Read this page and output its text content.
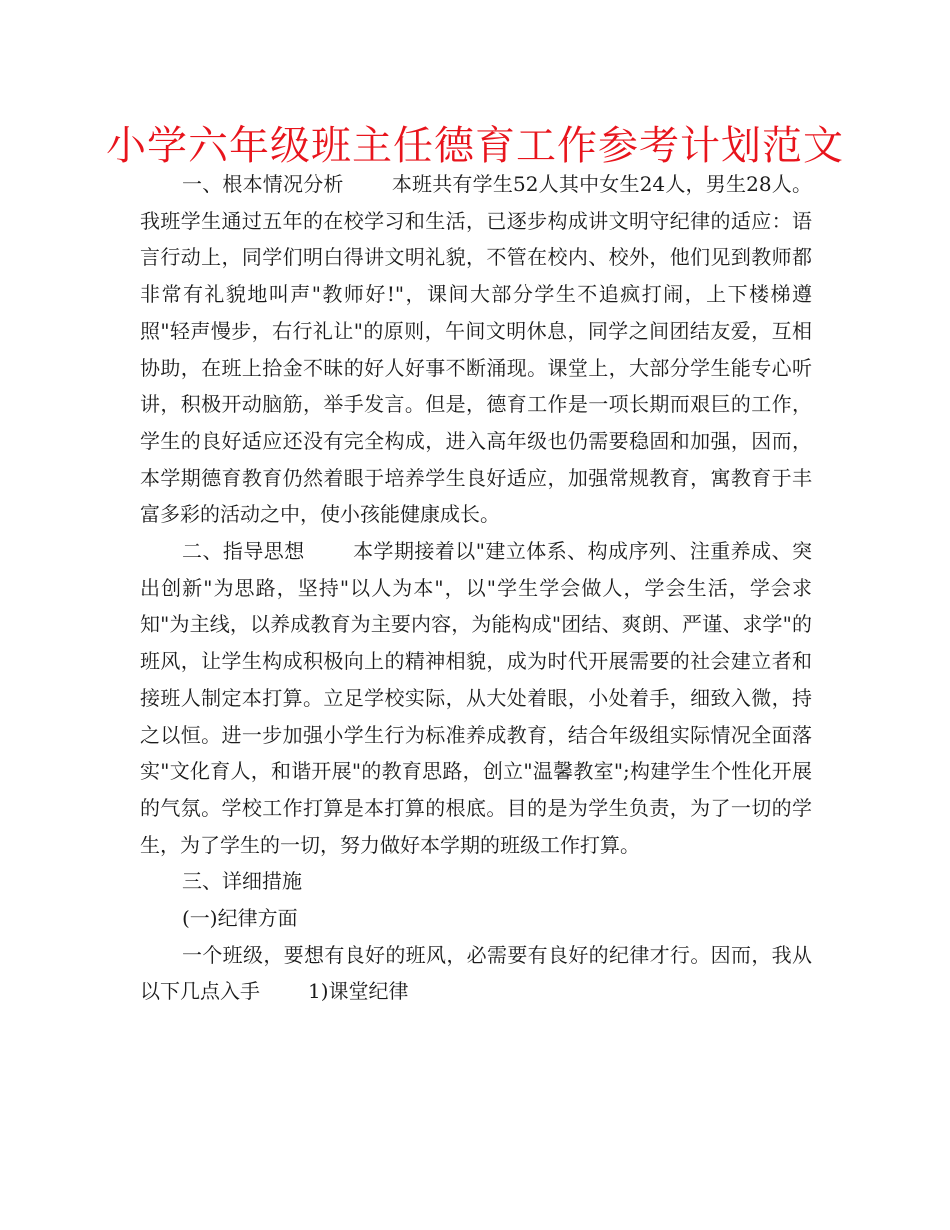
小学六年级班主任德育工作参考计划范文

一、根本情况分析 本班共有学生52人其中女生24人，男生28人。我班学生通过五年的在校学习和生活，已逐步构成讲文明守纪律的适应：语言行动上，同学们明白得讲文明礼貌，不管在校内、校外，他们见到教师都非常有礼貌地叫声"教师好!"，课间大部分学生不追疯打闹，上下楼梯遵照"轻声慢步，右行礼让"的原则，午间文明休息，同学之间团结友爱，互相协助，在班上拾金不昧的好人好事不断涌现。课堂上，大部分学生能专心听讲，积极开动脑筋，举手发言。但是，德育工作是一项长期而艰巨的工作，学生的良好适应还没有完全构成，进入高年级也仍需要稳固和加强，因而，本学期德育教育仍然着眼于培养学生良好适应，加强常规教育，寓教育于丰富多彩的活动之中，使小孩能健康成长。

二、指导思想 本学期接着以"建立体系、构成序列、注重养成、突出创新"为思路，坚持"以人为本"，以"学生学会做人，学会生活，学会求知"为主线，以养成教育为主要内容，为能构成"团结、爽朗、严谨、求学"的班风，让学生构成积极向上的精神相貌，成为时代开展需要的社会建立者和接班人制定本打算。立足学校实际，从大处着眼，小处着手，细致入微，持之以恒。进一步加强小学生行为标准养成教育，结合年级组实际情况全面落实"文化育人，和谐开展"的教育思路，创立"温馨教室";构建学生个性化开展的气氛。学校工作打算是本打算的根底。目的是为学生负责，为了一切的学生，为了学生的一切，努力做好本学期的班级工作打算。

三、详细措施

(一)纪律方面

一个班级，要想有良好的班风，必需要有良好的纪律才行。因而，我从以下几点入手 1)课堂纪律
